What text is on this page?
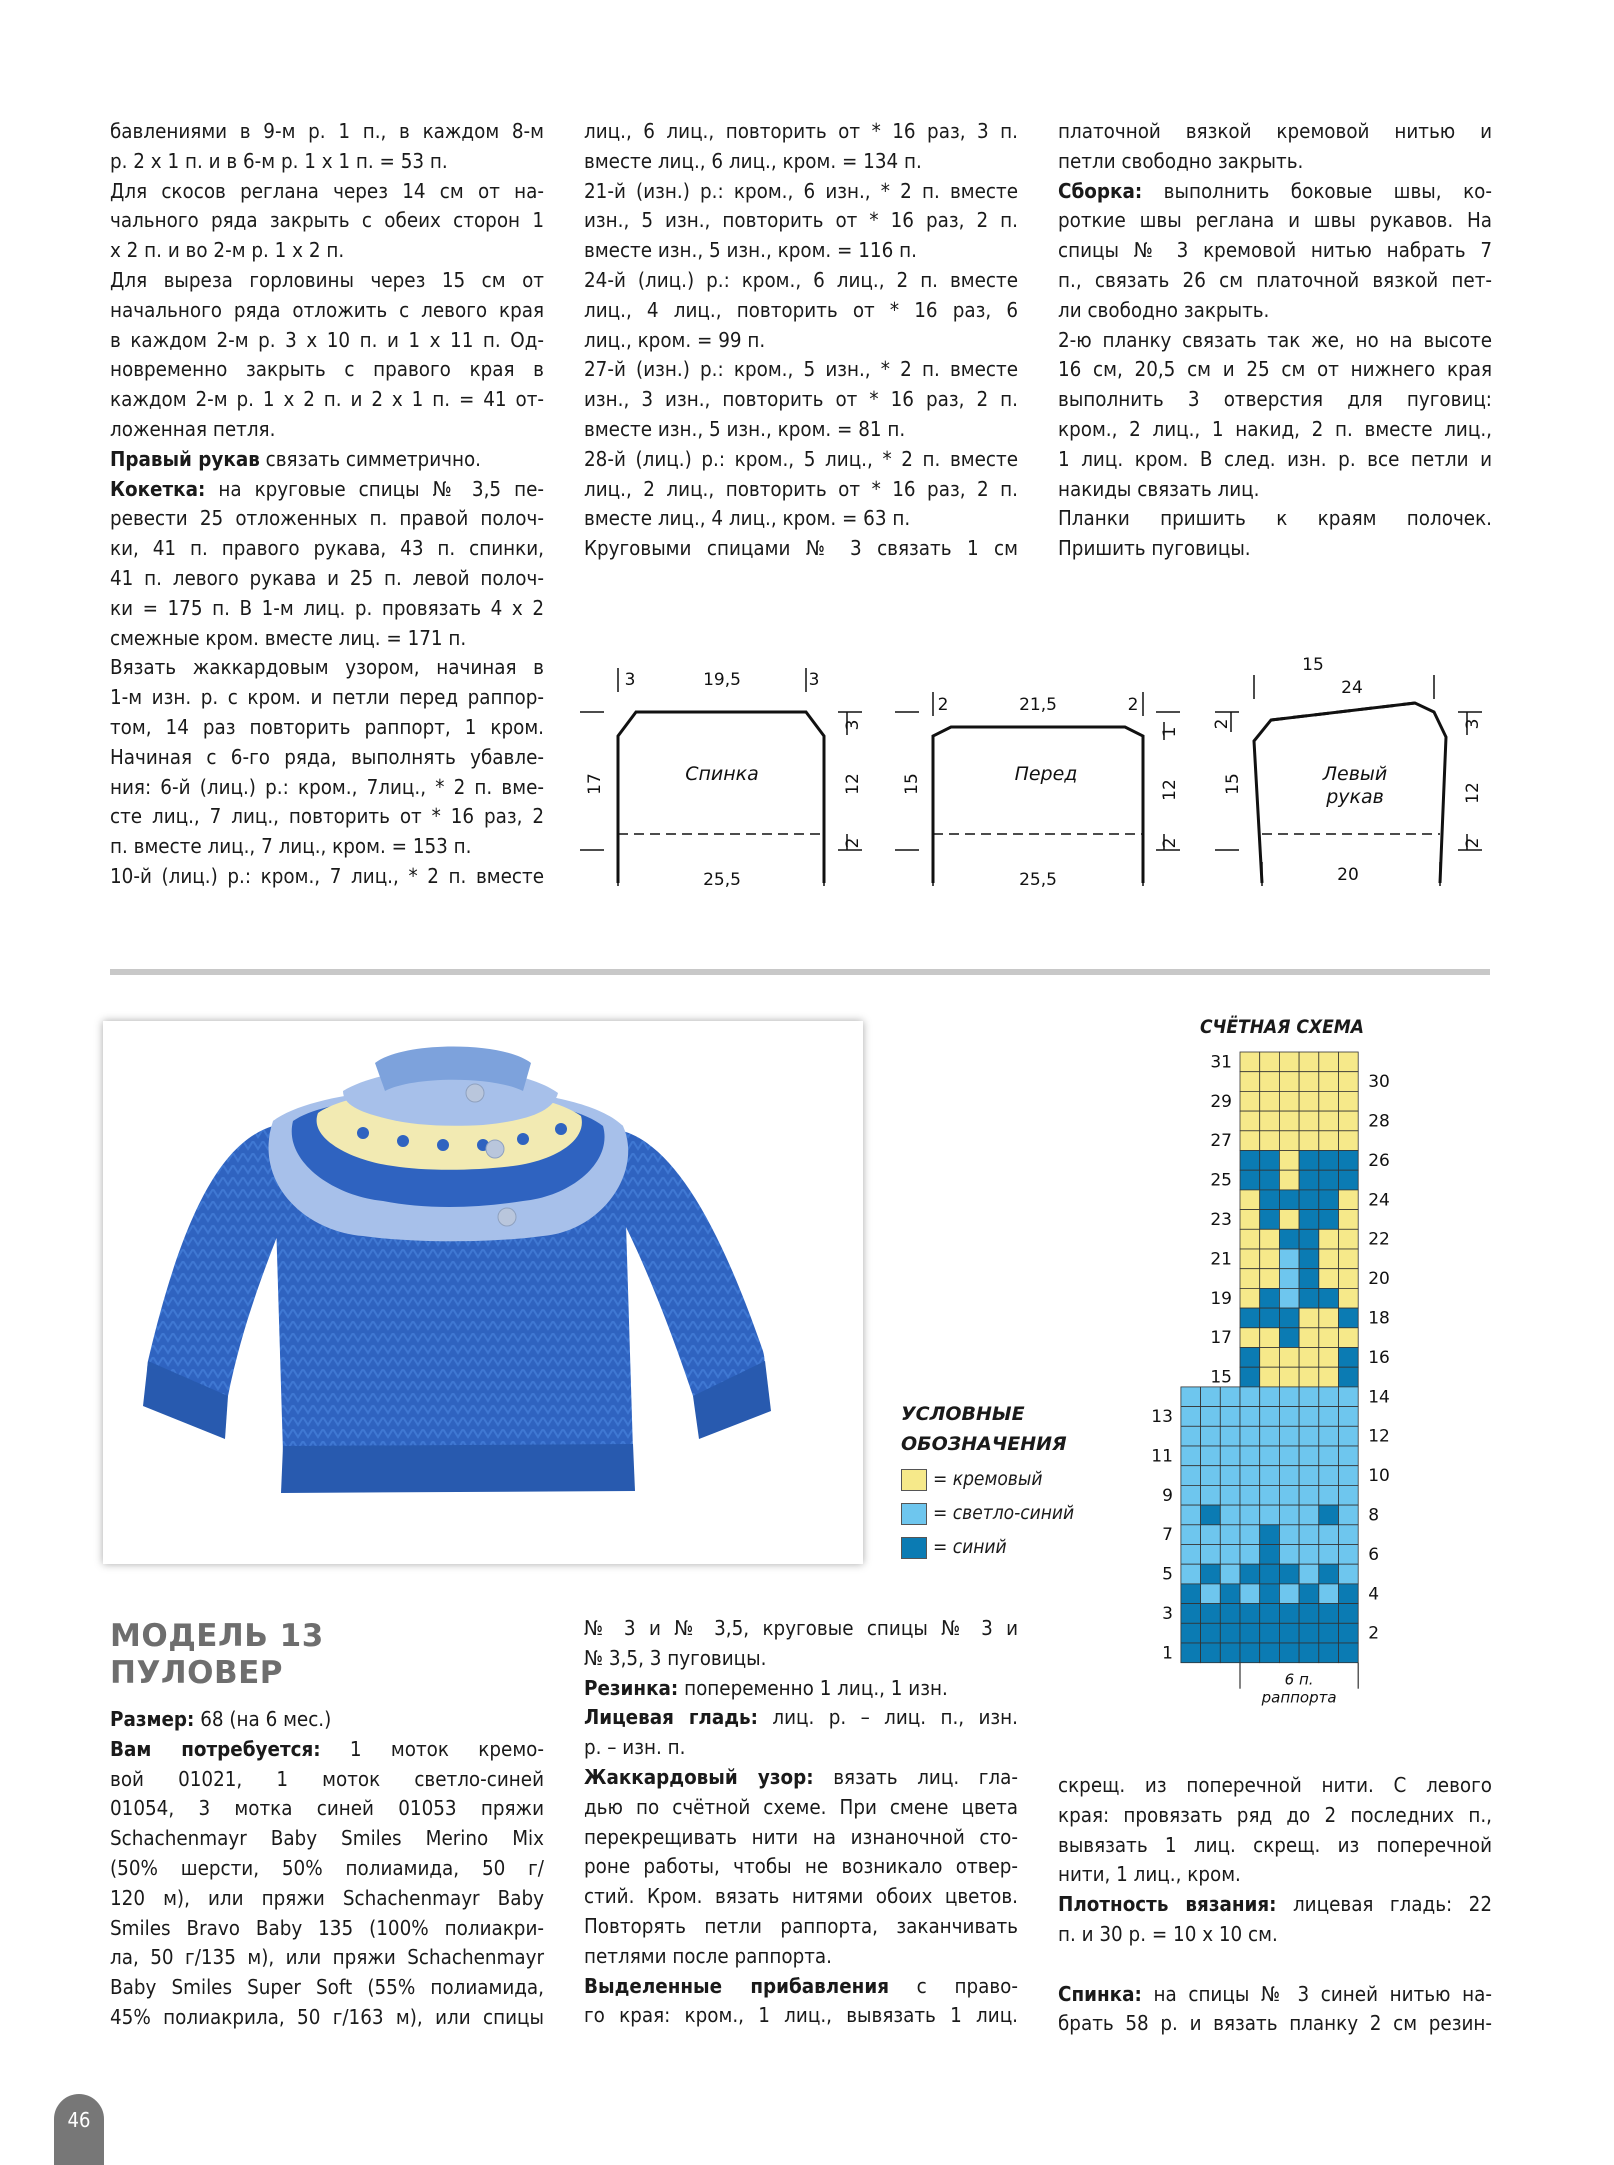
бавлениями в 9-м р. 1 п., в каждом 8-м

р. 2 x 1 п. и в 6-м р. 1 x 1 п. = 53 п.

Для скосов реглана через 14 см от на-

чального ряда закрыть с обеих сторон 1

x 2 п. и во 2-м р. 1 x 2 п.

Для выреза горловины через 15 см от

начального ряда отложить с левого края

в каждом 2-м р. 3 x 10 п. и 1 x 11 п. Од-

новременно закрыть с правого края в

каждом 2-м р. 1 x 2 п. и 2 x 1 п. = 41 от-

ложенная петля.

Правый рукав связать симметрично.

Кокетка: на круговые спицы № 3,5 пе-

ревести 25 отложенных п. правой полоч-

ки, 41 п. правого рукава, 43 п. спинки,

41 п. левого рукава и 25 п. левой полоч-

ки = 175 п. В 1-м лиц. р. провязать 4 x 2

смежные кром. вместе лиц. = 171 п.

Вязать жаккардовым узором, начиная в

1-м изн. р. с кром. и петли перед раппор-

том, 14 раз повторить раппорт, 1 кром.

Начиная с 6-го ряда, выполнять убавле-

ния: 6-й (лиц.) р.: кром., 7лиц., * 2 п. вме-

сте лиц., 7 лиц., повторить от * 16 раз, 2

п. вместе лиц., 7 лиц., кром. = 153 п.

10-й (лиц.) р.: кром., 7 лиц., * 2 п. вместе

лиц., 6 лиц., повторить от * 16 раз, 3 п.

вместе лиц., 6 лиц., кром. = 134 п.

21-й (изн.) р.: кром., 6 изн., * 2 п. вместе

изн., 5 изн., повторить от * 16 раз, 2 п.

вместе изн., 5 изн., кром. = 116 п.

24-й (лиц.) р.: кром., 6 лиц., 2 п. вместе

лиц., 4 лиц., повторить от * 16 раз, 6

лиц., кром. = 99 п.

27-й (изн.) р.: кром., 5 изн., * 2 п. вместе

изн., 3 изн., повторить от * 16 раз, 2 п.

вместе изн., 5 изн., кром. = 81 п.

28-й (лиц.) р.: кром., 5 лиц., * 2 п. вместе

лиц., 2 лиц., повторить от * 16 раз, 2 п.

вместе лиц., 4 лиц., кром. = 63 п.

Круговыми спицами № 3 связать 1 см

платочной вязкой кремовой нитью и

петли свободно закрыть.

Сборка: выполнить боковые швы, ко-

роткие швы реглана и швы рукавов. На

спицы № 3 кремовой нитью набрать 7

п., связать 26 см платочной вязкой пет-

ли свободно закрыть.

2-ю планку связать так же, но на высоте

16 см, 20,5 см и 25 см от нижнего края

выполнить 3 отверстия для пуговиц:

кром., 2 лиц., 1 накид, 2 п. вместе лиц.,

1 лиц. кром. В след. изн. р. все петли и

накиды связать лиц.

Планки пришить к краям полочек.

Пришить пуговицы.

Спинка
3	19,5	3
25,5
17
3
12
2
Перед
2	21,5	2
25,5
15
1
12
2
Левый
рукав
15
24
20
2
15
3
12
2
УСЛОВНЫЕ
ОБОЗНАЧЕНИЯ
= кремовый
= светло-синий
= синий
СЧЁТНАЯ СХЕМА
31
29
27
25
23
21
19
17
15
13
11
9
7
5
3
1
30
28
26
24
22
20
18
16
14
12
10
8
6
4
2
6 п.
раппорта
МОДЕЛЬ 13
ПУЛОВЕР

Размер: 68 (на 6 мес.)

Вам потребуется: 1 моток кремо-

вой 01021, 1 моток светло-синей

01054, 3 мотка синей 01053 пряжи

Schachenmayr Baby Smiles Merino Mix

(50% шерсти, 50% полиамида, 50 г/

120 м), или пряжи Schachenmayr Baby

Smiles Bravo Baby 135 (100% полиакри-

ла, 50 г/135 м), или пряжи Schachenmayr

Baby Smiles Super Soft (55% полиамида,

45% полиакрила, 50 г/163 м), или спицы

№ 3 и № 3,5, круговые спицы № 3 и

№ 3,5, 3 пуговицы.

Резинка: попеременно 1 лиц., 1 изн.

Лицевая гладь: лиц. р. – лиц. п., изн.

р. – изн. п.

Жаккардовый узор: вязать лиц. гла-

дью по счётной схеме. При смене цвета

перекрещивать нити на изнаночной сто-

роне работы, чтобы не возникало отвер-

стий. Кром. вязать нитями обоих цветов.

Повторять петли раппорта, заканчивать

петлями после раппорта.

Выделенные прибавления с право-

го края: кром., 1 лиц., вывязать 1 лиц.

скрещ. из поперечной нити. С левого

края: провязать ряд до 2 последних п.,

вывязать 1 лиц. скрещ. из поперечной

нити, 1 лиц., кром.

Плотность вязания: лицевая гладь: 22

п. и 30 р. = 10 x 10 см.

Спинка: на спицы № 3 синей нитью на-

брать 58 р. и вязать планку 2 см резин-

46
